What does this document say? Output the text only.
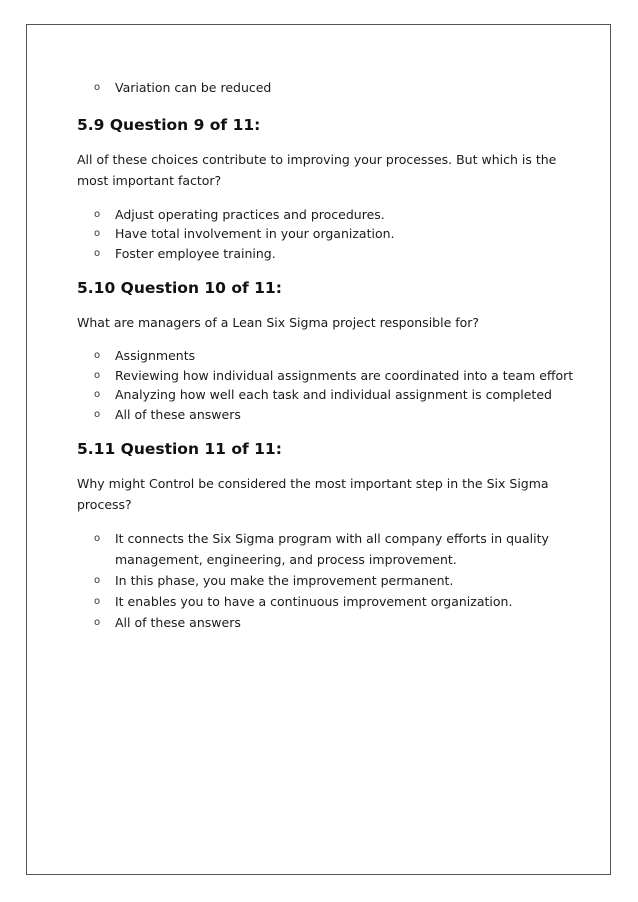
o Variation can be reduced
5.9 Question 9 of 11:

All of these choices contribute to improving your processes. But which is the most important factor?

o Adjust operating practices and procedures.
o Have total involvement in your organization.
o Foster employee training.
5.10 Question 10 of 11:

What are managers of a Lean Six Sigma project responsible for?

o Assignments
o Reviewing how individual assignments are coordinated into a team effort
o Analyzing how well each task and individual assignment is completed
o All of these answers
5.11 Question 11 of 11:

Why might Control be considered the most important step in the Six Sigma process?

o It connects the Six Sigma program with all company efforts in quality management, engineering, and process improvement.
o In this phase, you make the improvement permanent.
o It enables you to have a continuous improvement organization.
o All of these answers
